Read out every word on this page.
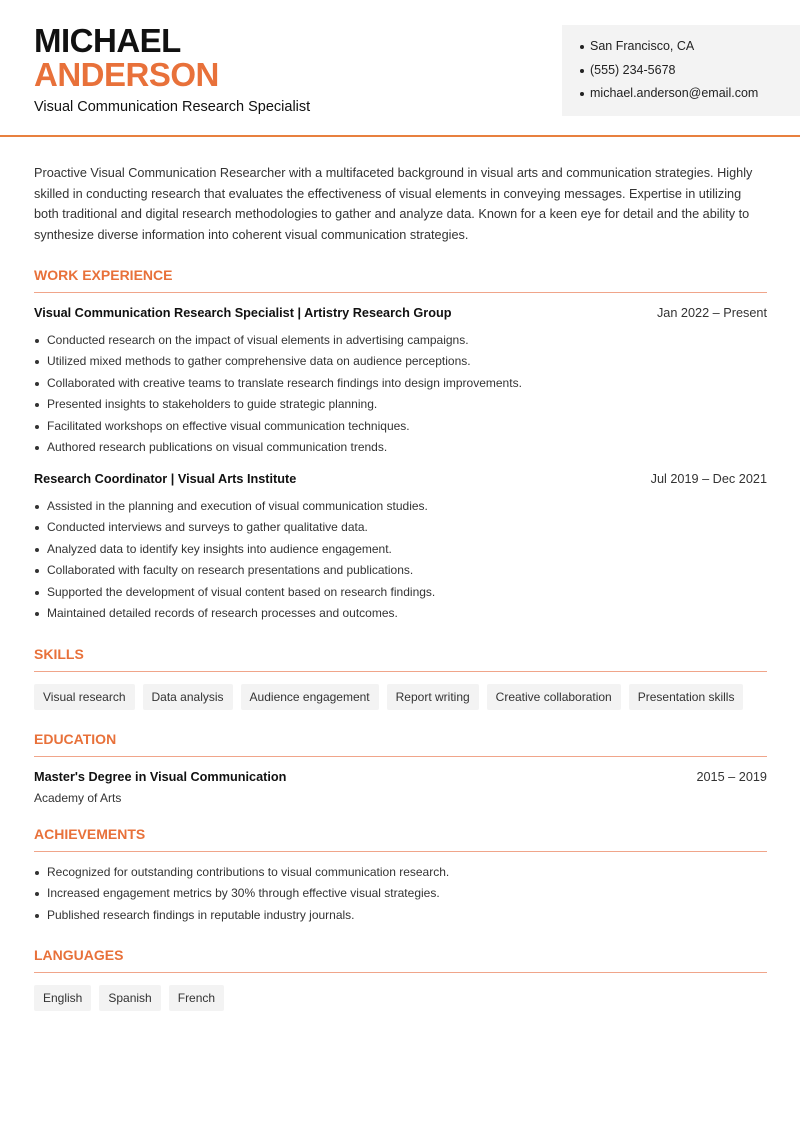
MICHAEL
ANDERSON
Visual Communication Research Specialist
San Francisco, CA
(555) 234-5678
michael.anderson@email.com

Proactive Visual Communication Researcher with a multifaceted background in visual arts and communication strategies. Highly skilled in conducting research that evaluates the effectiveness of visual elements in conveying messages. Expertise in utilizing both traditional and digital research methodologies to gather and analyze data. Known for a keen eye for detail and the ability to synthesize diverse information into coherent visual communication strategies.

WORK EXPERIENCE
Visual Communication Research Specialist | Artistry Research Group	Jan 2022 – Present
Conducted research on the impact of visual elements in advertising campaigns.
Utilized mixed methods to gather comprehensive data on audience perceptions.
Collaborated with creative teams to translate research findings into design improvements.
Presented insights to stakeholders to guide strategic planning.
Facilitated workshops on effective visual communication techniques.
Authored research publications on visual communication trends.
Research Coordinator | Visual Arts Institute	Jul 2019 – Dec 2021
Assisted in the planning and execution of visual communication studies.
Conducted interviews and surveys to gather qualitative data.
Analyzed data to identify key insights into audience engagement.
Collaborated with faculty on research presentations and publications.
Supported the development of visual content based on research findings.
Maintained detailed records of research processes and outcomes.
SKILLS
Visual research	Data analysis	Audience engagement	Report writing	Creative collaboration	Presentation skills
EDUCATION
Master's Degree in Visual Communication	2015 – 2019
Academy of Arts
ACHIEVEMENTS
Recognized for outstanding contributions to visual communication research.
Increased engagement metrics by 30% through effective visual strategies.
Published research findings in reputable industry journals.
LANGUAGES
English	Spanish	French
